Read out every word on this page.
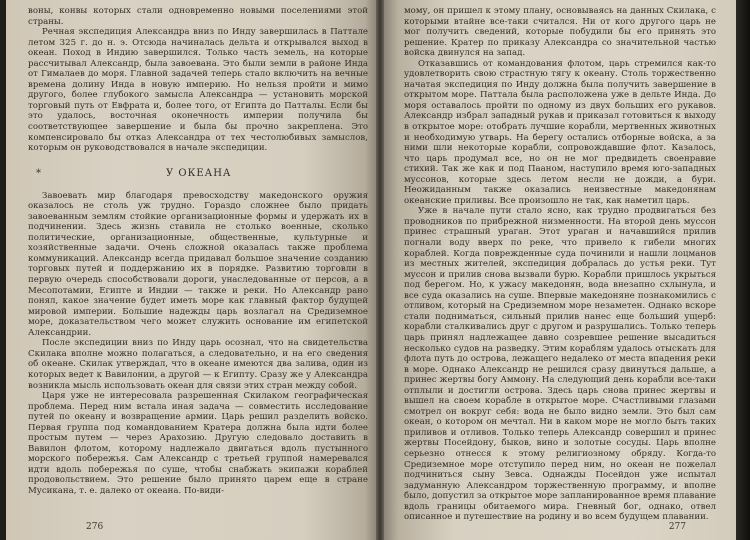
воны, конвы которых стали одновременно новыми поселениями этой страны.

Речная экспедиция Александра вниз по Инду завершилась в Паттале летом 325 г. до н. э. Отсюда начиналась дельта и открывался выход в океан. Поход в Индию завершился. Только часть земель, на которые рассчитывал Александр, была завоевана. Это были земли в районе Инда от Гималаев до моря. Главной задачей теперь стало включить на вечные времена долину Инда в новую империю. Но нельзя пройти и мимо другого, более глубокого замысла Александра — установить морской торговый путь от Евфрата и, более того, от Египта до Патталы. Если бы это удалось, восточная оконечность империи получила бы соответствующее завершение и была бы прочно закреплена. Это компенсировало бы отказ Александра от тех честолюбивых замыслов, которым он руководствовался в начале экспедиции.

*	У ОКЕАНА

Завоевать мир благодаря превосходству македонского оружия оказалось не столь уж трудно. Гораздо сложнее было придать завоеванным землям стойкие организационные формы и удержать их в подчинении. Здесь жизнь ставила не столько военные, сколько политические, организационные, общественные, культурные и хозяйственные задачи. Очень сложной оказалась также проблема коммуникаций. Александр всегда придавал большое значение созданию торговых путей и поддержанию их в порядке. Развитию торговли в первую очередь способствовали дороги, унаследованные от персов, а в Месопотамии, Египте и Индии — также и реки. Но Александр рано понял, какое значение будет иметь море как главный фактор будущей мировой империи. Большие надежды царь возлагал на Средиземное море, доказательством чего может служить основание им египетской Александрии.

После экспедиции вниз по Инду царь осознал, что на свидетельства Скилака вполне можно полагаться, а следовательно, и на его сведения об океане. Скилак утверждал, что в океане имеются два залива, один из которых ведет к Вавилонии, а другой — к Египту. Сразу же у Александра возникла мысль использовать океан для связи этих стран между собой.

Царя уже не интересовала разрешенная Скилаком географическая проблема. Перед ним встала иная задача — совместить исследование путей по океану и возвращение армии. Царь решил разделить войско. Первая группа под командованием Кратера должна была идти более простым путем — через Арахозию. Другую следовало доставить в Вавилон флотом, которому надлежало двигаться вдоль пустынного морского побережья. Сам Александр с третьей группой намеревался идти вдоль побережья по суше, чтобы снабжать экипажи кораблей продовольствием. Это решение было принято царем еще в стране Мусикана, т. е. далеко от океана. По-види-

276

мому, он пришел к этому плану, основываясь на данных Скилака, с которыми втайне все-таки считался. Ни от кого другого царь не мог получить сведений, которые побудили бы его принять это решение. Кратер по приказу Александра со значительной частью войска двинулся на запад.

Отказавшись от командования флотом, царь стремился как-то удовлетворить свою страстную тягу к океану. Столь торжественно начатая экспедиция по Инду должна была получить завершение в открытом море. Патталa была расположена уже в дельте Инда. До моря оставалось пройти по одному из двух больших его рукавов. Александр избрал западный рукав и приказал готовиться к выходу в открытое море: отобрать лучшие корабли, мертвенных животных и необходимую утварь. На берегу остались отборные войска, а за ними шли некоторые корабли, сопровождавшие флот. Казалось, что царь продумал все, но он не мог предвидеть своенравие стихий. Так же как и под Пааном, наступило время юго-западных муссонов, которые здесь летом несли не дожди, а бури. Неожиданным также оказались неизвестные македонянам океанские приливы. Все произошло не так, как наметил царь.

Уже в начале пути стало ясно, как трудно продвигаться без проводников по прибрежной низменности. На второй день муссон принес страшный ураган. Этот ураган и начавшийся прилив погнали воду вверх по реке, что привело к гибели многих кораблей. Когда поврежденные суда починили и нашли лоцманов из местных жителей, экспедиция добралась до устья реки. Тут муссон и прилив снова вызвали бурю. Корабли пришлось укрыться под берегом. Но, к ужасу македонян, вода внезапно схлынула, и все суда оказались на суше. Впервые македоняне познакомились с отливом, который на Средиземном море незаметен. Однако вскоре стали подниматься, сильный прилив нанес еще больший ущерб: корабли сталкивались друг с другом и разрушались. Только теперь царь принял надлежащее давно созревшее решение высадиться несколько судов на разведку. Этим кораблям удалось отыскать для флота путь до острова, лежащего недалеко от места впадения реки в море. Однако Александр не решился сразу двинуться дальше, а принес жертвы богу Аммону. На следующий день корабли все-таки отплыли и достигли острова. Здесь царь снова принес жертвы и вышел на своем корабле в открытое море. Счастливыми глазами смотрел он вокруг себя: вода не было видно земли. Это был сам океан, о котором он мечтал. Ни в каком море не могло быть таких приливов и отливов. Только теперь Александр совершил и принес жертвы Посейдону, быков, вино и золотые сосуды. Царь вполне серьезно отнесся к этому религиозному обряду. Когда-то Средиземное море отступило перед ним, но океан не пожелал подчиниться сыну Зевса. Однажды Посейдон уже испытал задуманную Александром торжественную программу, и вполне было, допустил за открытое море запланированное время плавание вдоль границы обитаемого мира. Гневный бог, однако, отвел описанное и путешествие на родину и во всем будущем плавании.

277
